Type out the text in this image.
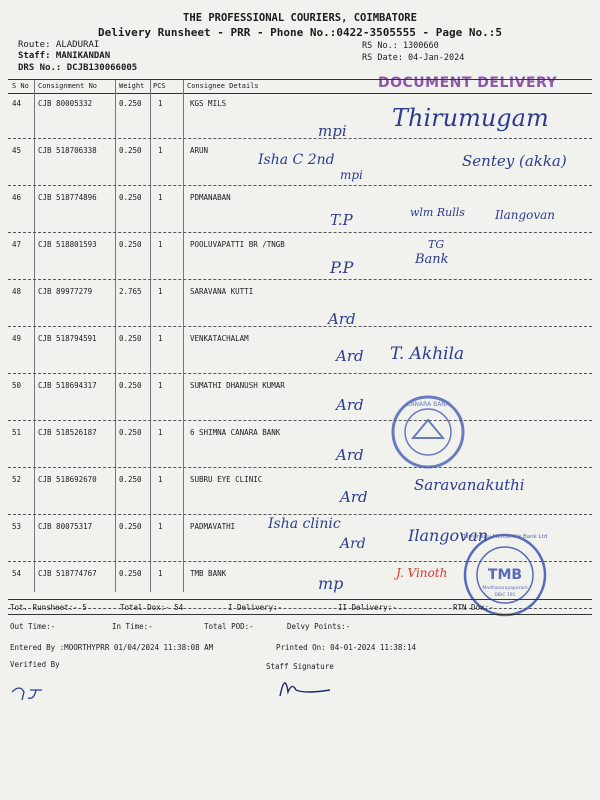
THE PROFESSIONAL COURIERS, COIMBATORE
Delivery Runsheet - PRR - Phone No.:0422-3505555 - Page No.:5
Route: ALADURAI
Staff: MANIKANDAN
DRS No.: DCJB130066005
RS No.: 1300660
RS Date: 04-Jan-2024
DOCUMENT DELIVERY
S No Consignment No	Weight PCS	Consignee Details
44 CJB 80005332	0.250 1	KGS MILS
45 CJB 518706338	0.250 1	ARUN
46 CJB 518774896	0.250 1	PDMANABAN
47 CJB 518801593	0.250 1	POOLUVAPATTI BR /TNGB
48 CJB 89977279	2.765 1	SARAVANA KUTTI
49 CJB 518794591	0.250 1	VENKATACHALAM
50 CJB 518694317	0.250 1	SUMATHI DHANUSH KUMAR
51 CJB 518526187	0.250 1	6 SHIMNA CANARA BANK
52 CJB 518692670	0.250 1	SUBRU EYE CLINIC
53 CJB 80075317	0.250 1	PADMAVATHI
54 CJB 518774767	0.250 1	TMB BANK
mpi Thirumugam
Isha C 2nd
mpi
Sentey (akka)
T.P	wlm Rulls	Ilangovan
P.P
TG
Bank
Ard
Ard T. Akhila
Ard
Ard
Ard
Saravanakuthi
Isha clinic
Ard	Ilangovan
mp
J. Vinoth
CANARA BANK
TMB
Madhavarayapuram
DBIC 191
Tamilnadu Mercantile Bank Ltd
Tot. Runsheet:- 5	Total Dox:- 54	I Delivery:-	II Delivery:-	RTN Dox:-
Out Time:-	In Time:-	Total POD:-	Delvy Points:-
Entered By :MOORTHYPRR 01/04/2024 11:38:08 AM	Printed On: 04-01-2024 11:38:14
Verified By	Staff Signature
